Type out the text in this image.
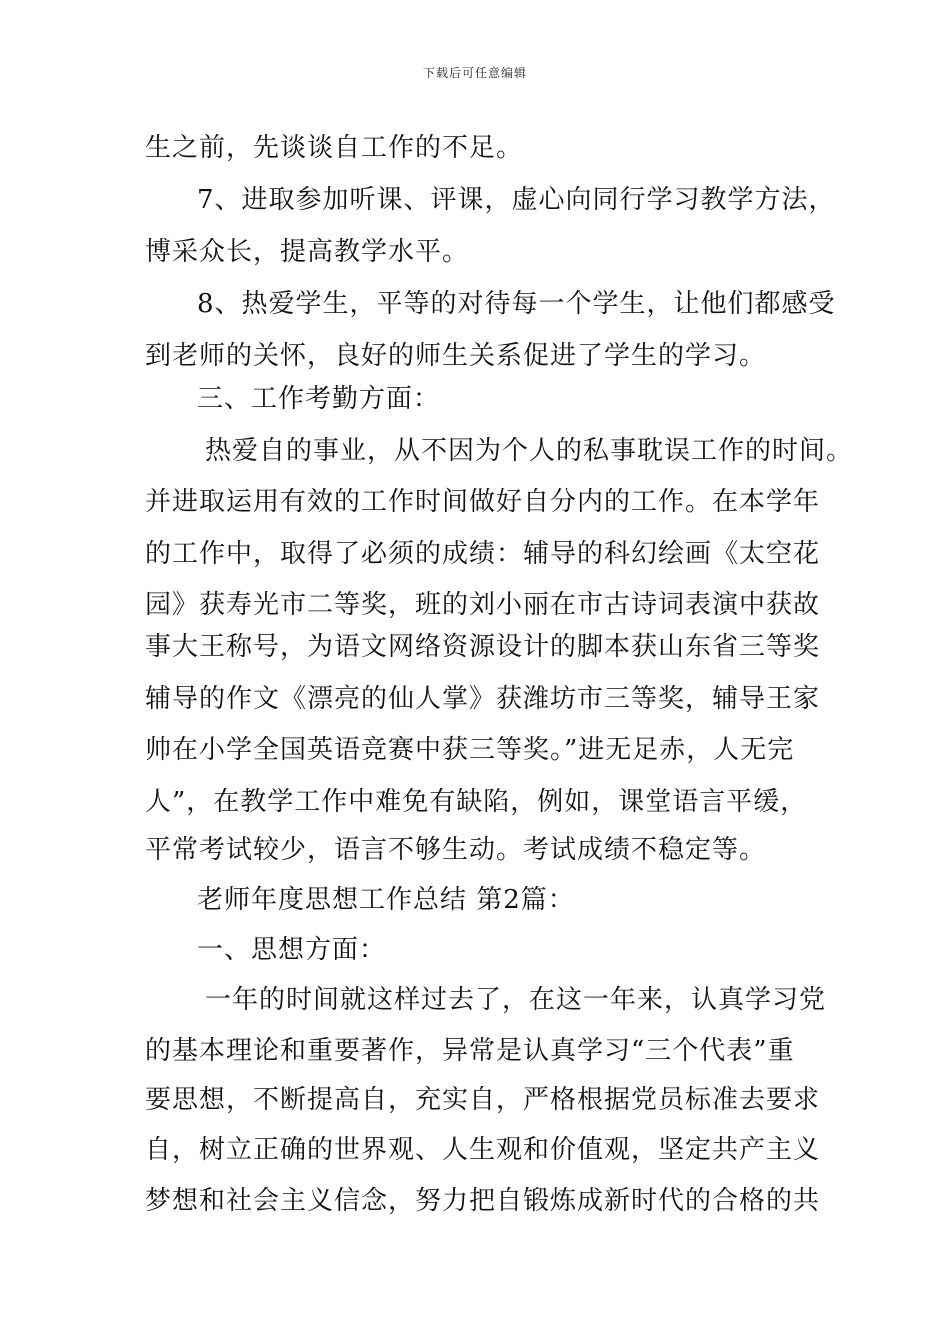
下载后可任意编辑
生之前，先谈谈自工作的不足。
7、进取参加听课、评课，虚心向同行学习教学方法，
博采众长，提高教学水平。
8、热爱学生，平等的对待每一个学生，让他们都感受
到老师的关怀，良好的师生关系促进了学生的学习。
三、工作考勤方面：
热爱自的事业，从不因为个人的私事耽误工作的时间。
并进取运用有效的工作时间做好自分内的工作。在本学年
的工作中，取得了必须的成绩：辅导的科幻绘画《太空花
园》获寿光市二等奖，班的刘小丽在市古诗词表演中获故
事大王称号，为语文网络资源设计的脚本获山东省三等奖
辅导的作文《漂亮的仙人掌》获潍坊市三等奖，辅导王家
帅在小学全国英语竞赛中获三等奖。”进无足赤，人无完
人”，在教学工作中难免有缺陷，例如，课堂语言平缓，
平常考试较少，语言不够生动。考试成绩不稳定等。
老师年度思想工作总结 第2篇：
一、思想方面：
一年的时间就这样过去了，在这一年来，认真学习党
的基本理论和重要著作，异常是认真学习“三个代表”重
要思想，不断提高自，充实自，严格根据党员标准去要求
自，树立正确的世界观、人生观和价值观，坚定共产主义
梦想和社会主义信念，努力把自锻炼成新时代的合格的共
